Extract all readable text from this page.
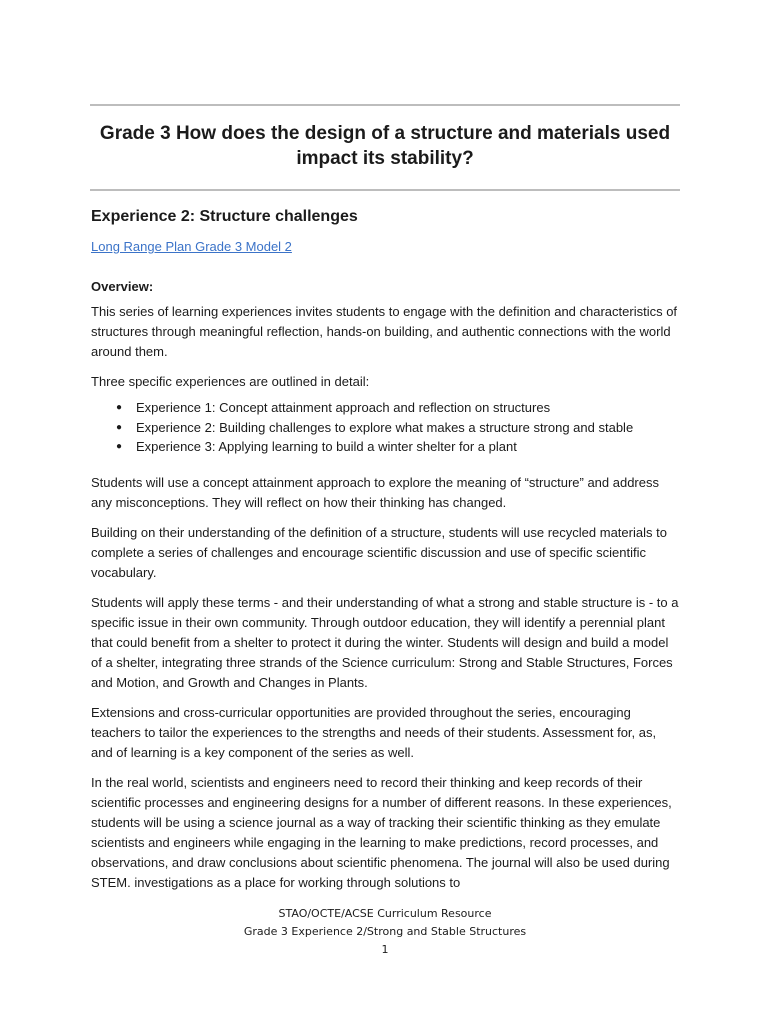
Grade 3 How does the design of a structure and materials used impact its stability?
Experience 2: Structure challenges
Long Range Plan Grade 3 Model 2
Overview:

This series of learning experiences invites students to engage with the definition and characteristics of structures through meaningful reflection, hands-on building, and authentic connections with the world around them.

Three specific experiences are outlined in detail:

● Experience 1: Concept attainment approach and reflection on structures
● Experience 2: Building challenges to explore what makes a structure strong and stable
● Experience 3: Applying learning to build a winter shelter for a plant

Students will use a concept attainment approach to explore the meaning of “structure” and address any misconceptions. They will reflect on how their thinking has changed.

Building on their understanding of the definition of a structure, students will use recycled materials to complete a series of challenges and encourage scientific discussion and use of specific scientific vocabulary.

Students will apply these terms - and their understanding of what a strong and stable structure is - to a specific issue in their own community. Through outdoor education, they will identify a perennial plant that could benefit from a shelter to protect it during the winter. Students will design and build a model of a shelter, integrating three strands of the Science curriculum: Strong and Stable Structures, Forces and Motion, and Growth and Changes in Plants.

Extensions and cross-curricular opportunities are provided throughout the series, encouraging teachers to tailor the experiences to the strengths and needs of their students. Assessment for, as, and of learning is a key component of the series as well.

In the real world, scientists and engineers need to record their thinking and keep records of their scientific processes and engineering designs for a number of different reasons. In these experiences, students will be using a science journal as a way of tracking their scientific thinking as they emulate scientists and engineers while engaging in the learning to make predictions, record processes, and observations, and draw conclusions about scientific phenomena. The journal will also be used during STEM. investigations as a place for working through solutions to

STAO/OCTE/ACSE Curriculum Resource
Grade 3 Experience 2/Strong and Stable Structures
1
